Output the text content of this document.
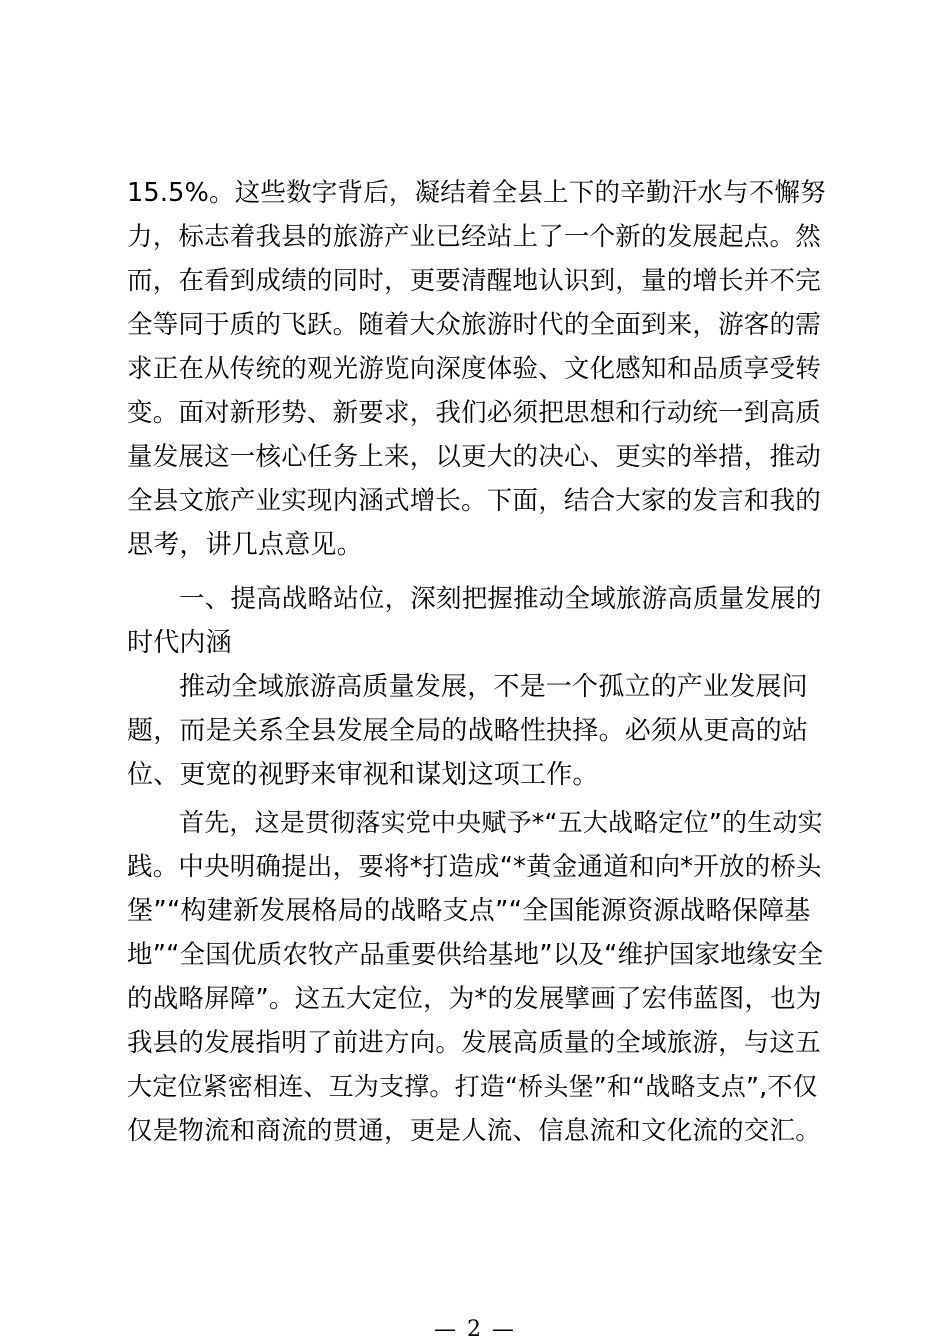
15.5%。这些数字背后，凝结着全县上下的辛勤汗水与不懈努
力，标志着我县的旅游产业已经站上了一个新的发展起点。然
而，在看到成绩的同时，更要清醒地认识到，量的增长并不完
全等同于质的飞跃。随着大众旅游时代的全面到来，游客的需
求正在从传统的观光游览向深度体验、文化感知和品质享受转
变。面对新形势、新要求，我们必须把思想和行动统一到高质
量发展这一核心任务上来，以更大的决心、更实的举措，推动
全县文旅产业实现内涵式增长。下面，结合大家的发言和我的
思考，讲几点意见。
一、提高战略站位，深刻把握推动全域旅游高质量发展的
时代内涵
推动全域旅游高质量发展，不是一个孤立的产业发展问
题，而是关系全县发展全局的战略性抉择。必须从更高的站
位、更宽的视野来审视和谋划这项工作。
首先，这是贯彻落实党中央赋予*“五大战略定位”的生动实
践。中央明确提出，要将*打造成“*黄金通道和向*开放的桥头
堡”“构建新发展格局的战略支点”“全国能源资源战略保障基
地”“全国优质农牧产品重要供给基地”以及“维护国家地缘安全
的战略屏障”。这五大定位，为*的发展擘画了宏伟蓝图，也为
我县的发展指明了前进方向。发展高质量的全域旅游，与这五
大定位紧密相连、互为支撑。打造“桥头堡”和“战略支点”,不仅
仅是物流和商流的贯通，更是人流、信息流和文化流的交汇。
— 2 —
